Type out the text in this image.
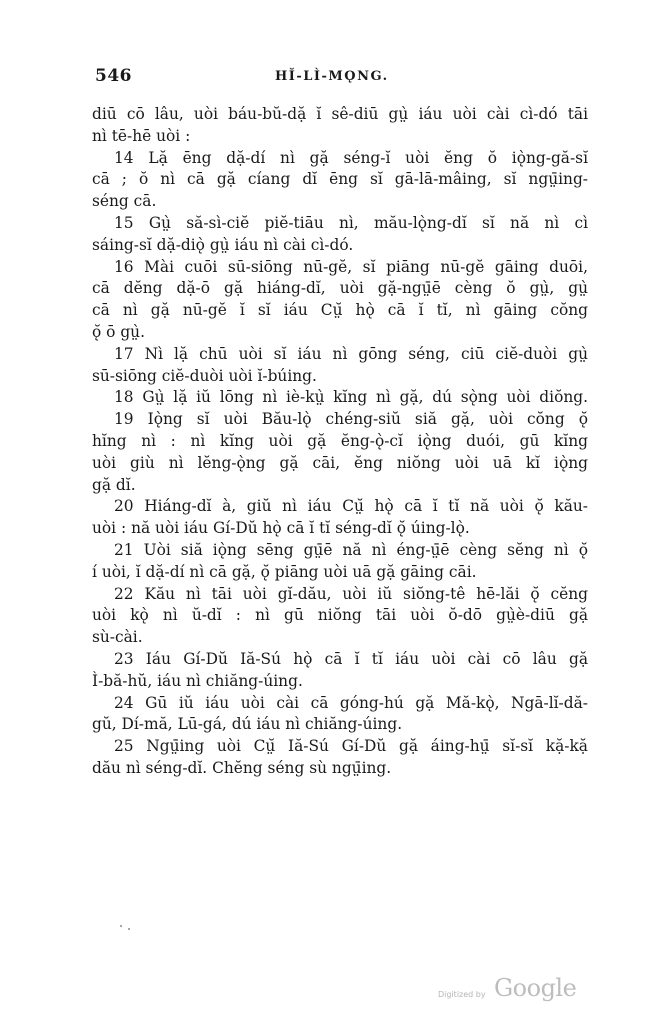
546	HĬ-LÌ-MǪNG.
diū cō lâu, uòi báu-bŭ-dặ ĭ sê-diū gṳ̀ iáu uòi cài cì-dó tāi
nì tē-hē uòi :
14 Lặ ēng dặ-dí nì gặ séng-ĭ uòi ĕng ŏ iǫ̀ng-gă-sĭ
cā ; ŏ nì cā gặ cíang dĭ ēng sĭ gā-lā-mâing, sĭ ngṳ̄ing-
séng cā.
15 Gṳ̀ să-sì-ciĕ piĕ-tiāu nì, mău-lǫ̀ng-dĭ sĭ nă nì cì
sáing-sĭ dặ-diǫ̀ gṳ̀ iáu nì cài cì-dó.
16 Mài cuōi sū-siōng nū-gĕ, sĭ piāng nū-gĕ gāing duōi,
cā dĕng dặ-ō gặ hiáng-dĭ, uòi gặ-ngṳ̄ē cèng ŏ gṳ̀, gṳ̀
cā nì gặ nū-gĕ ĭ sĭ iáu Cṳ̆ hǫ̀ cā ĭ tĭ, nì gāing cŏng
ǫ̆ ō gṳ̀.
17 Nì lặ chū uòi sĭ iáu nì gōng séng, ciū ciĕ-duòi gṳ̀
sū-siōng ciĕ-duòi uòi ĭ-búing.
18 Gṳ̀ lặ iŭ lōng nì iè-kṳ̀ kĭng nì gặ, dú sǫ̀ng uòi diŏng.
19 Iǫ̀ng sĭ uòi Bău-lǫ̀ chéng-siŭ siă gặ, uòi cŏng ǫ̆
hĭng nì : nì kĭng uòi gặ ĕng-ǫ̀-cĭ iǫ̀ng duói, gū kĭng
uòi giù nì lĕng-ǫ̀ng gặ cāi, ĕng niŏng uòi uā kĭ iǫ̀ng
gặ dĭ.
20 Hiáng-dĭ à, giŭ nì iáu Cṳ̆ hǫ̀ cā ĭ tĭ nă uòi ǫ̆ kău-
uòi : nă uòi iáu Gí-Dŭ hǫ̀ cā ĭ tĭ séng-dĭ ǫ̆ úing-lǫ̀.
21 Uòi siă iǫ̀ng sēng gṳ̄ē nă nì éng-ṳ̄ē cèng sĕng nì ǫ̆
í uòi, ĭ dặ-dí nì cā gặ, ǫ̆ piāng uòi uā gặ gāing cāi.
22 Kău nì tāi uòi gĭ-dău, uòi iŭ siŏng-tê hē-lăi ǫ̆ cĕng
uòi kǫ̀ nì ŭ-dĭ : nì gū niŏng tāi uòi ŏ-dō gṳ̀è-diū gặ
sù-cài.
23 Iáu Gí-Dŭ Iă-Sú hǫ̀ cā ĭ tĭ iáu uòi cài cō lâu gặ
Ì-bă-hŭ, iáu nì chiăng-úing.
24 Gū iŭ iáu uòi cài cā góng-hú gặ Mă-kǫ̀, Ngā-lĭ-dă-
gŭ, Dí-mă, Lū-gá, dú iáu nì chiăng-úing.
25 Ngṳ̄ing uòi Cṳ̆ Iă-Sú Gí-Dŭ gặ áing-hṳ̄ sĭ-sĭ kặ-kặ
dău nì séng-dĭ. Chĕng séng sù ngṳ̄ing.
Digitized by Google
